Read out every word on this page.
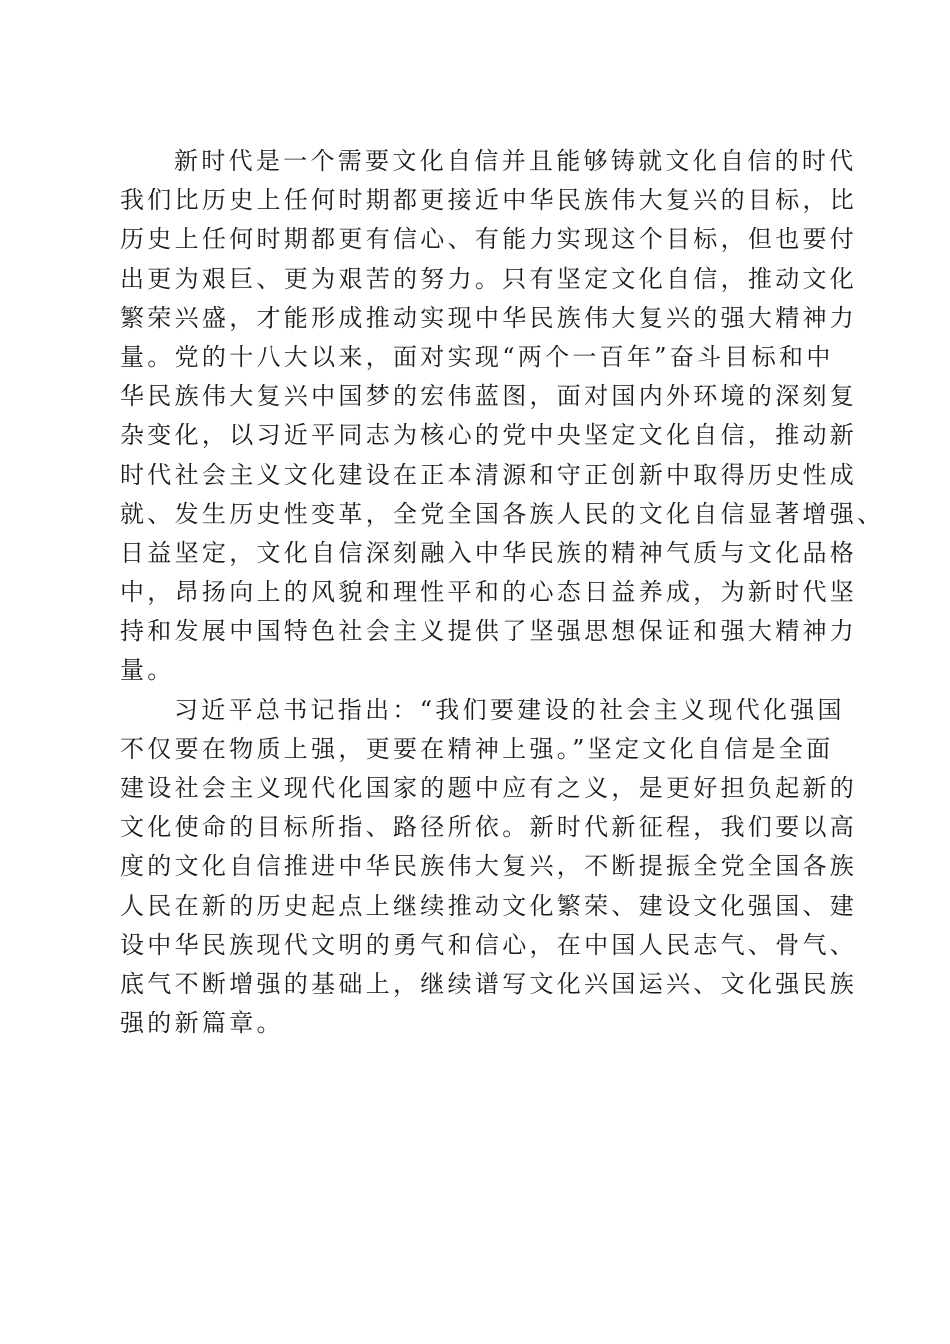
新时代是一个需要文化自信并且能够铸就文化自信的时代
我们比历史上任何时期都更接近中华民族伟大复兴的目标，比
历史上任何时期都更有信心、有能力实现这个目标，但也要付
出更为艰巨、更为艰苦的努力。只有坚定文化自信，推动文化
繁荣兴盛，才能形成推动实现中华民族伟大复兴的强大精神力
量。党的十八大以来，面对实现“两个一百年”奋斗目标和中
华民族伟大复兴中国梦的宏伟蓝图，面对国内外环境的深刻复
杂变化，以习近平同志为核心的党中央坚定文化自信，推动新
时代社会主义文化建设在正本清源和守正创新中取得历史性成
就、发生历史性变革，全党全国各族人民的文化自信显著增强、
日益坚定，文化自信深刻融入中华民族的精神气质与文化品格
中，昂扬向上的风貌和理性平和的心态日益养成，为新时代坚
持和发展中国特色社会主义提供了坚强思想保证和强大精神力
量。
习近平总书记指出：“我们要建设的社会主义现代化强国
不仅要在物质上强，更要在精神上强。”坚定文化自信是全面
建设社会主义现代化国家的题中应有之义，是更好担负起新的
文化使命的目标所指、路径所依。新时代新征程，我们要以高
度的文化自信推进中华民族伟大复兴，不断提振全党全国各族
人民在新的历史起点上继续推动文化繁荣、建设文化强国、建
设中华民族现代文明的勇气和信心，在中国人民志气、骨气、
底气不断增强的基础上，继续谱写文化兴国运兴、文化强民族
强的新篇章。
